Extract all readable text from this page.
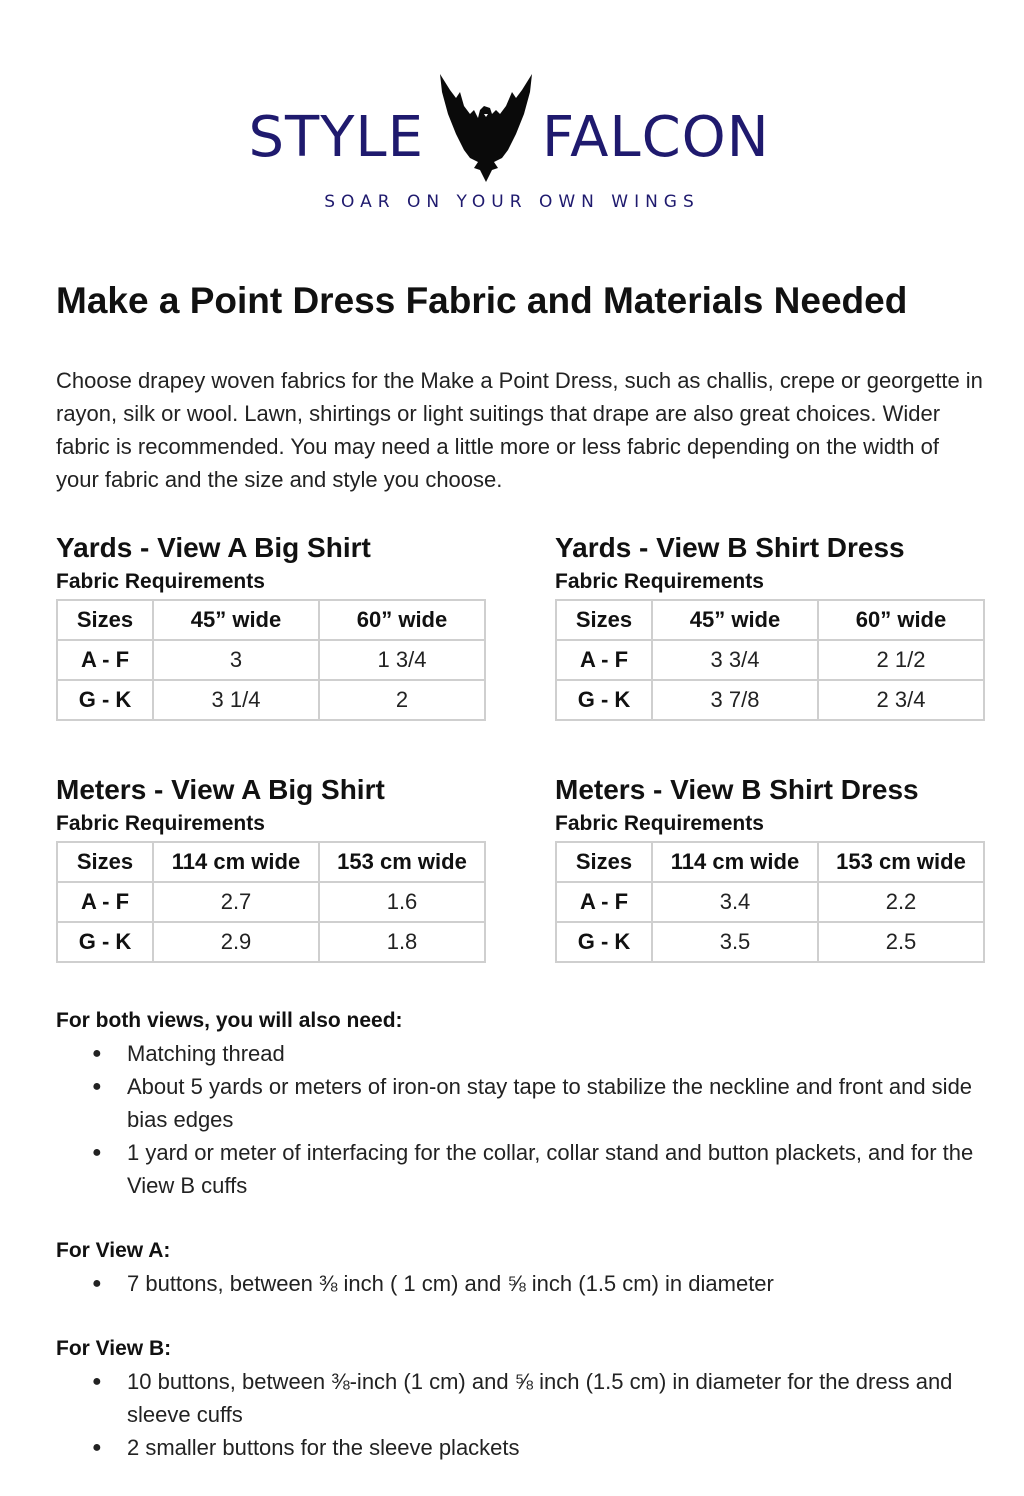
STYLE FALCON
SOAR ON YOUR OWN WINGS
Make a Point Dress Fabric and Materials Needed

Choose drapey woven fabrics for the Make a Point Dress, such as challis, crepe or georgette in rayon, silk or wool. Lawn, shirtings or light suitings that drape are also great choices. Wider fabric is recommended. You may need a little more or less fabric depending on the width of your fabric and the size and style you choose.

Yards - View A Big Shirt
Fabric Requirements
Sizes	45” wide	60” wide
A - F	3	1 3/4
G - K	3 1/4	2
Yards - View B Shirt Dress
Fabric Requirements
Sizes	45” wide	60” wide
A - F	3 3/4	2 1/2
G - K	3 7/8	2 3/4
Meters - View A Big Shirt
Fabric Requirements
Sizes	114 cm wide	153 cm wide
A - F	2.7	1.6
G - K	2.9	1.8
Meters - View B Shirt Dress
Fabric Requirements
Sizes	114 cm wide	153 cm wide
A - F	3.4	2.2
G - K	3.5	2.5
For both views, you will also need:
● Matching thread
● About 5 yards or meters of iron-on stay tape to stabilize the neckline and front and side bias edges
● 1 yard or meter of interfacing for the collar, collar stand and button plackets, and for the View B cuffs
For View A:
● 7 buttons, between ⅜ inch ( 1 cm) and ⅝ inch (1.5 cm) in diameter
For View B:
● 10 buttons, between ⅜-inch (1 cm) and ⅝ inch (1.5 cm) in diameter for the dress and sleeve cuffs
● 2 smaller buttons for the sleeve plackets
